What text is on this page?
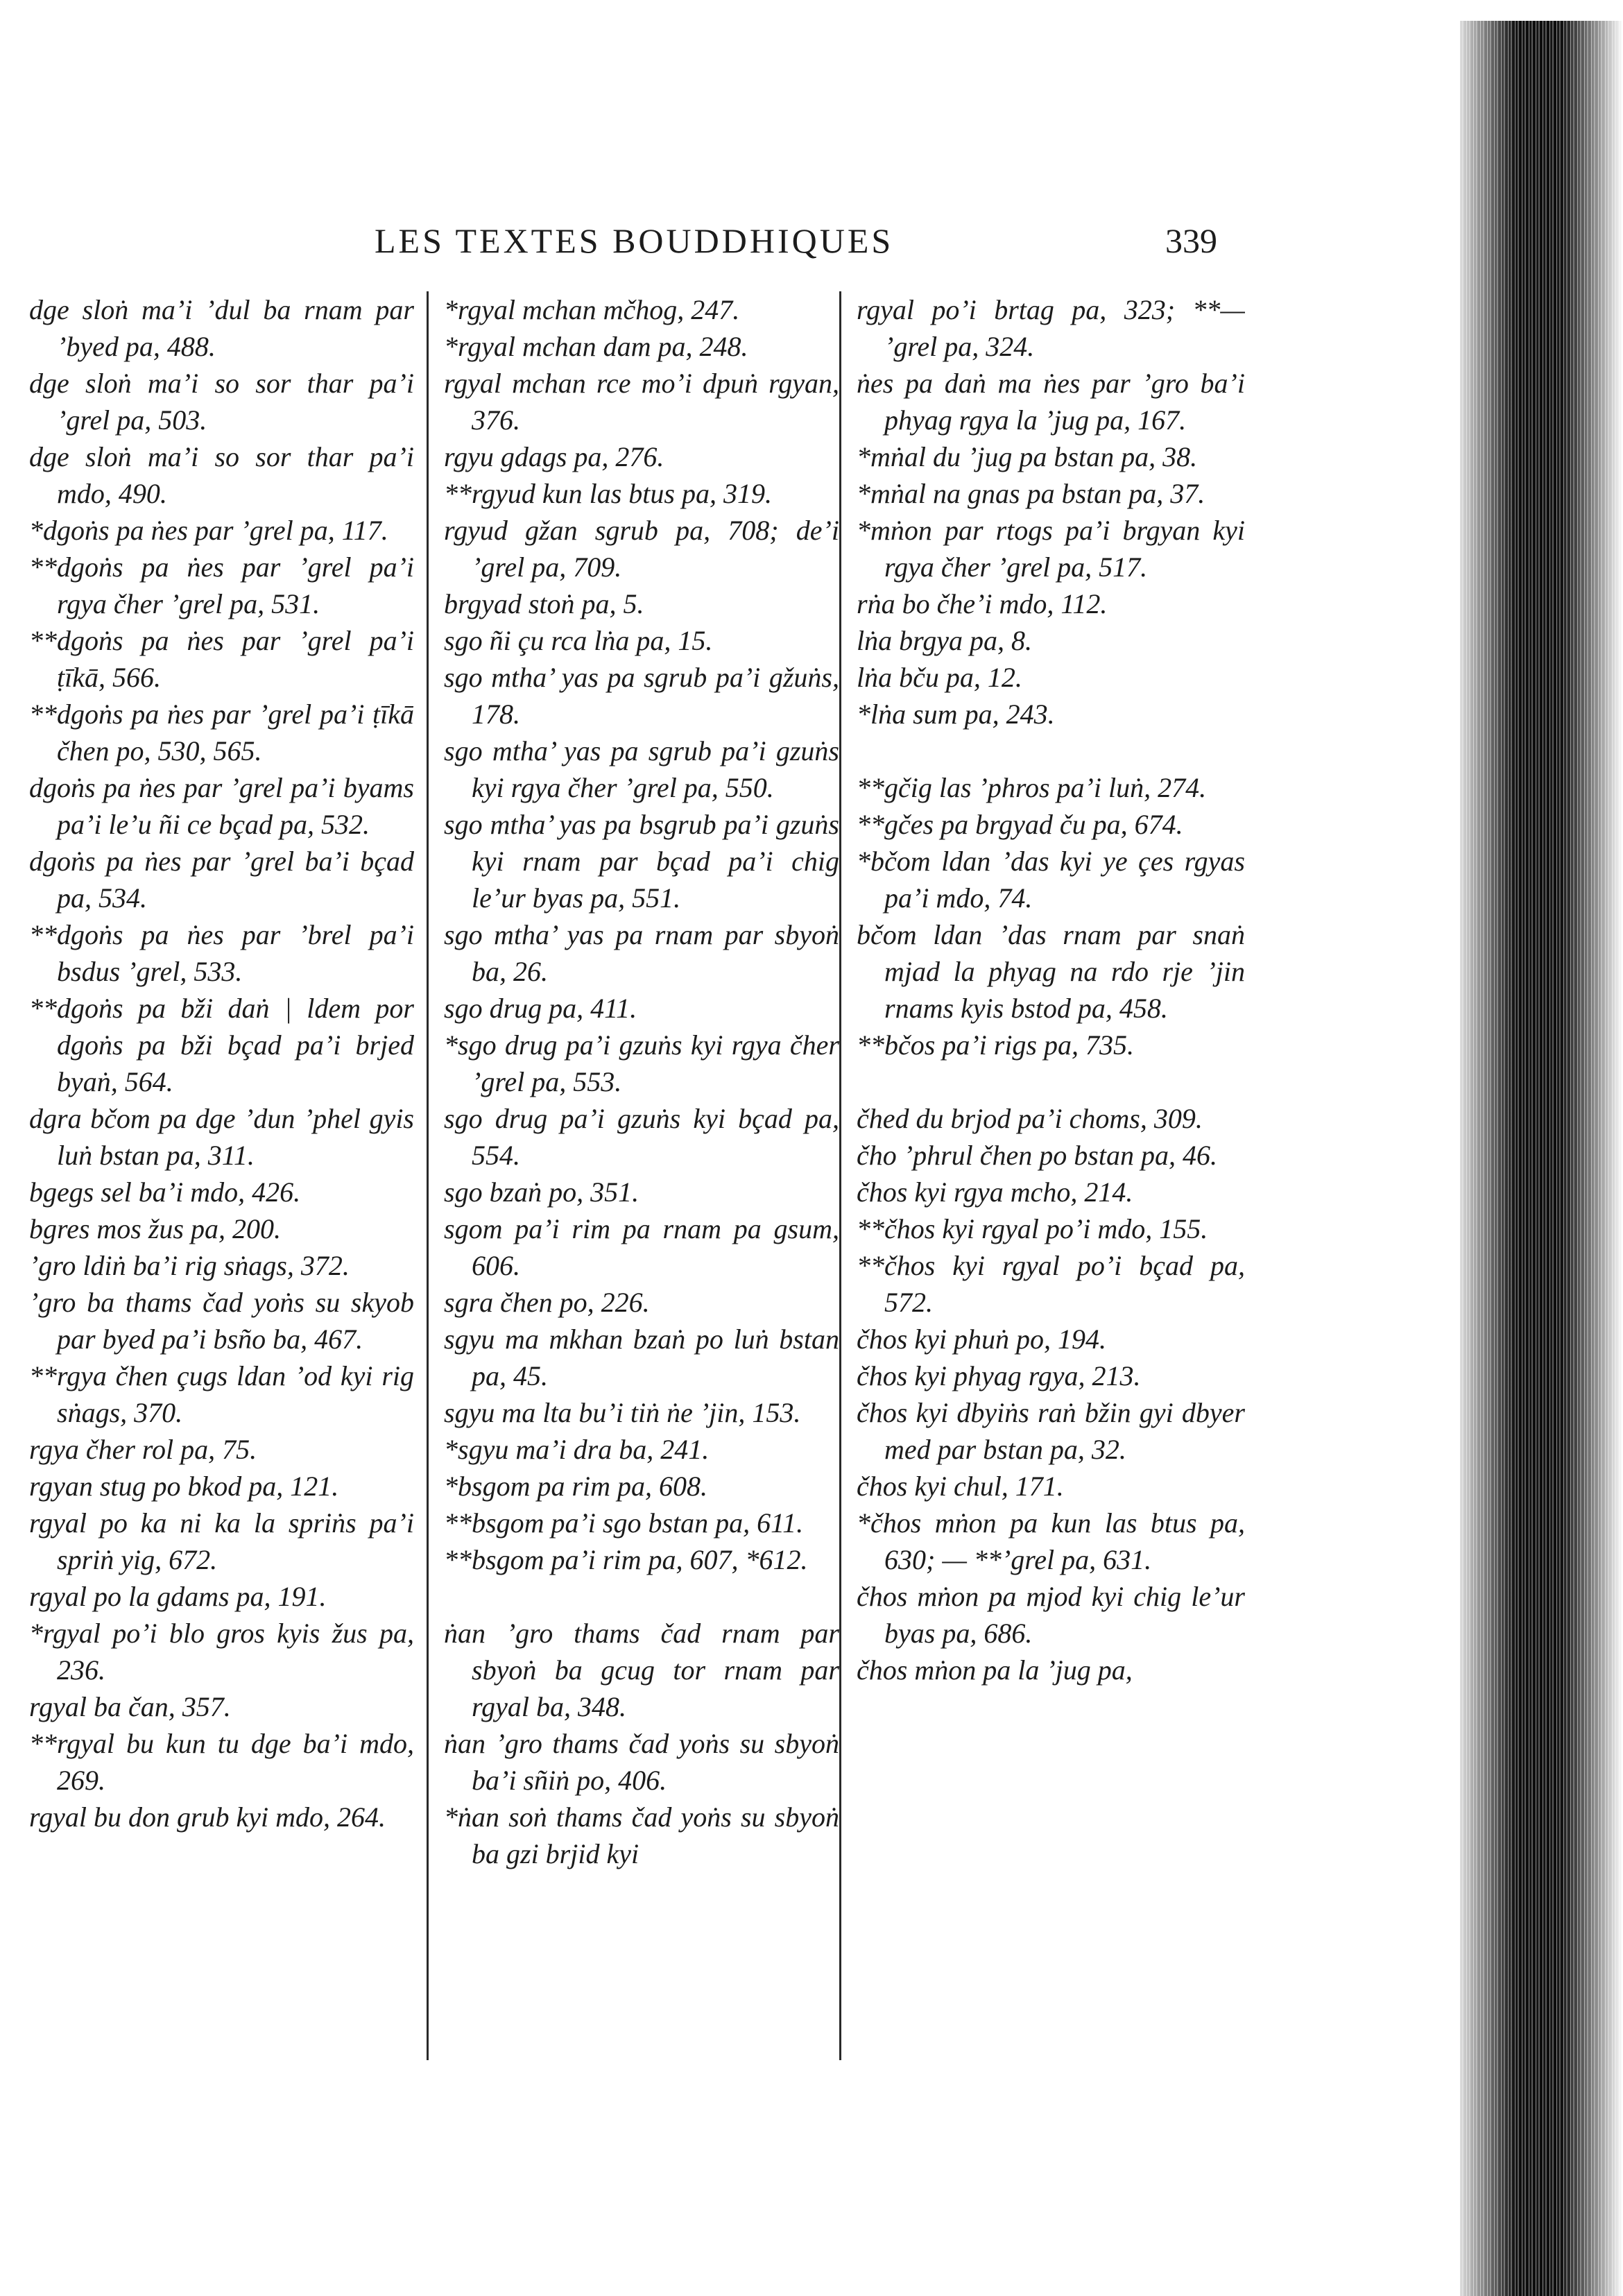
LES TEXTES BOUDDHIQUES	339

dge sloṅ ma’i ’dul ba rnam par ’byed pa, 488.

dge sloṅ ma’i so sor thar pa’i ’grel pa, 503.

dge sloṅ ma’i so sor thar pa’i mdo, 490.

*dgoṅs pa ṅes par ’grel pa, 117.

**dgoṅs pa ṅes par ’grel pa’i rgya čher ’grel pa, 531.

**dgoṅs pa ṅes par ’grel pa’i ṭīkā, 566.

**dgoṅs pa ṅes par ’grel pa’i ṭīkā čhen po, 530, 565.

dgoṅs pa ṅes par ’grel pa’i byams pa’i le’u ñi ce bçad pa, 532.

dgoṅs pa ṅes par ’grel ba’i bçad pa, 534.

**dgoṅs pa ṅes par ’brel pa’i bsdus ’grel, 533.

**dgoṅs pa bži daṅ | ldem por dgoṅs pa bži bçad pa’i brjed byaṅ, 564.

dgra bčom pa dge ’dun ’phel gyis luṅ bstan pa, 311.

bgegs sel ba’i mdo, 426.

bgres mos žus pa, 200.

’gro ldiṅ ba’i rig sṅags, 372.

’gro ba thams čad yoṅs su skyob par byed pa’i bsño ba, 467.

**rgya čhen çugs ldan ’od kyi rig sṅags, 370.

rgya čher rol pa, 75.

rgyan stug po bkod pa, 121.

rgyal po ka ni ka la spriṅs pa’i spriṅ yig, 672.

rgyal po la gdams pa, 191.

*rgyal po’i blo gros kyis žus pa, 236.

rgyal ba čan, 357.

**rgyal bu kun tu dge ba’i mdo, 269.

rgyal bu don grub kyi mdo, 264.

*rgyal mchan mčhog, 247.

*rgyal mchan dam pa, 248.

rgyal mchan rce mo’i dpuṅ rgyan, 376.

rgyu gdags pa, 276.

**rgyud kun las btus pa, 319.

rgyud gžan sgrub pa, 708; de’i ’grel pa, 709.

brgyad stoṅ pa, 5.

sgo ñi çu rca lṅa pa, 15.

sgo mtha’ yas pa sgrub pa’i gžuṅs, 178.

sgo mtha’ yas pa sgrub pa’i gzuṅs kyi rgya čher ’grel pa, 550.

sgo mtha’ yas pa bsgrub pa’i gzuṅs kyi rnam par bçad pa’i chig le’ur byas pa, 551.

sgo mtha’ yas pa rnam par sbyoṅ ba, 26.

sgo drug pa, 411.

*sgo drug pa’i gzuṅs kyi rgya čher ’grel pa, 553.

sgo drug pa’i gzuṅs kyi bçad pa, 554.

sgo bzaṅ po, 351.

sgom pa’i rim pa rnam pa gsum, 606.

sgra čhen po, 226.

sgyu ma mkhan bzaṅ po luṅ bstan pa, 45.

sgyu ma lta bu’i tiṅ ṅe ’jin, 153.

*sgyu ma’i dra ba, 241.

*bsgom pa rim pa, 608.

**bsgom pa’i sgo bstan pa, 611.

**bsgom pa’i rim pa, 607, *612.

ṅan ’gro thams čad rnam par sbyoṅ ba gcug tor rnam par rgyal ba, 348.

ṅan ’gro thams čad yoṅs su sbyoṅ ba’i sñiṅ po, 406.

*ṅan soṅ thams čad yoṅs su sbyoṅ ba gzi brjid kyi

rgyal po’i brtag pa, 323; **— ’grel pa, 324.

ṅes pa daṅ ma ṅes par ’gro ba’i phyag rgya la ’jug pa, 167.

*mṅal du ’jug pa bstan pa, 38.

*mṅal na gnas pa bstan pa, 37.

*mṅon par rtogs pa’i brgyan kyi rgya čher ’grel pa, 517.

rṅa bo čhe’i mdo, 112.

lṅa brgya pa, 8.

lṅa bču pa, 12.

*lṅa sum pa, 243.

**gčig las ’phros pa’i luṅ, 274.

**gčes pa brgyad ču pa, 674.

*bčom ldan ’das kyi ye çes rgyas pa’i mdo, 74.

bčom ldan ’das rnam par snaṅ mjad la phyag na rdo rje ’jin rnams kyis bstod pa, 458.

**bčos pa’i rigs pa, 735.

čhed du brjod pa’i choms, 309.

čho ’phrul čhen po bstan pa, 46.

čhos kyi rgya mcho, 214.

**čhos kyi rgyal po’i mdo, 155.

**čhos kyi rgyal po’i bçad pa, 572.

čhos kyi phuṅ po, 194.

čhos kyi phyag rgya, 213.

čhos kyi dbyiṅs raṅ bžin gyi dbyer med par bstan pa, 32.

čhos kyi chul, 171.

*čhos mṅon pa kun las btus pa, 630; — **’grel pa, 631.

čhos mṅon pa mjod kyi chig le’ur byas pa, 686.

čhos mṅon pa la ’jug pa,
